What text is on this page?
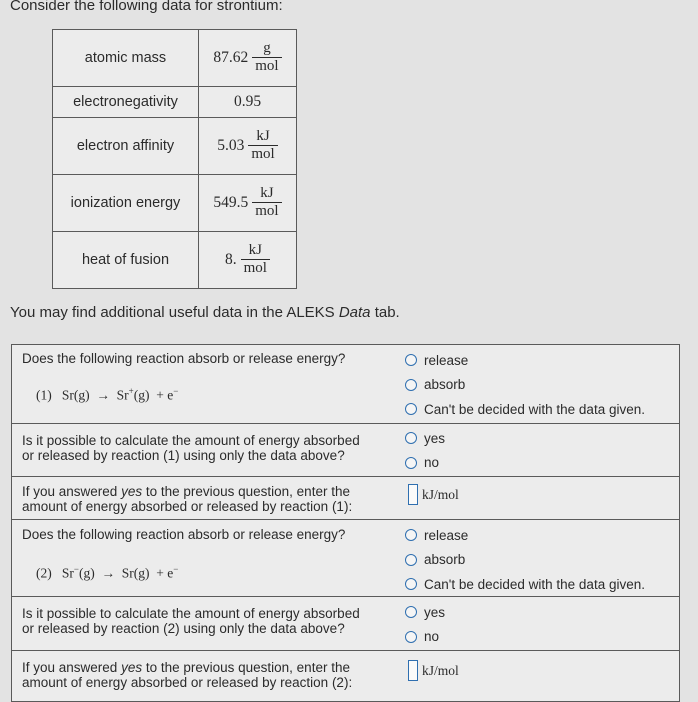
Consider the following data for strontium:
atomic mass	$87.62 \frac{g}{\text{mol}}$

electronegativity	0.95

electron affinity	$5.03 \frac{kJ}{\text{mol}}$

ionization energy	$549.5 \frac{kJ}{\text{mol}}$

heat of fusion	8. $\frac{kJ}{\text{mol}}$
You may find additional useful data in the ALEKS Data tab.
Does the following reaction absorb or release energy?
(1) Sr(g) → Sr+(g) + e−
release
absorb
Can't be decided with the data given.
Is it possible to calculate the amount of energy absorbed
or released by reaction (1) using only the data above?
yes
no
If you answered yes to the previous question, enter the
amount of energy absorbed or released by reaction (1):
kJ/mol
Does the following reaction absorb or release energy?
(2) Sr−(g) → Sr(g) + e−
release
absorb
Can't be decided with the data given.
Is it possible to calculate the amount of energy absorbed
or released by reaction (2) using only the data above?
yes
no
If you answered yes to the previous question, enter the
amount of energy absorbed or released by reaction (2):
kJ/mol
